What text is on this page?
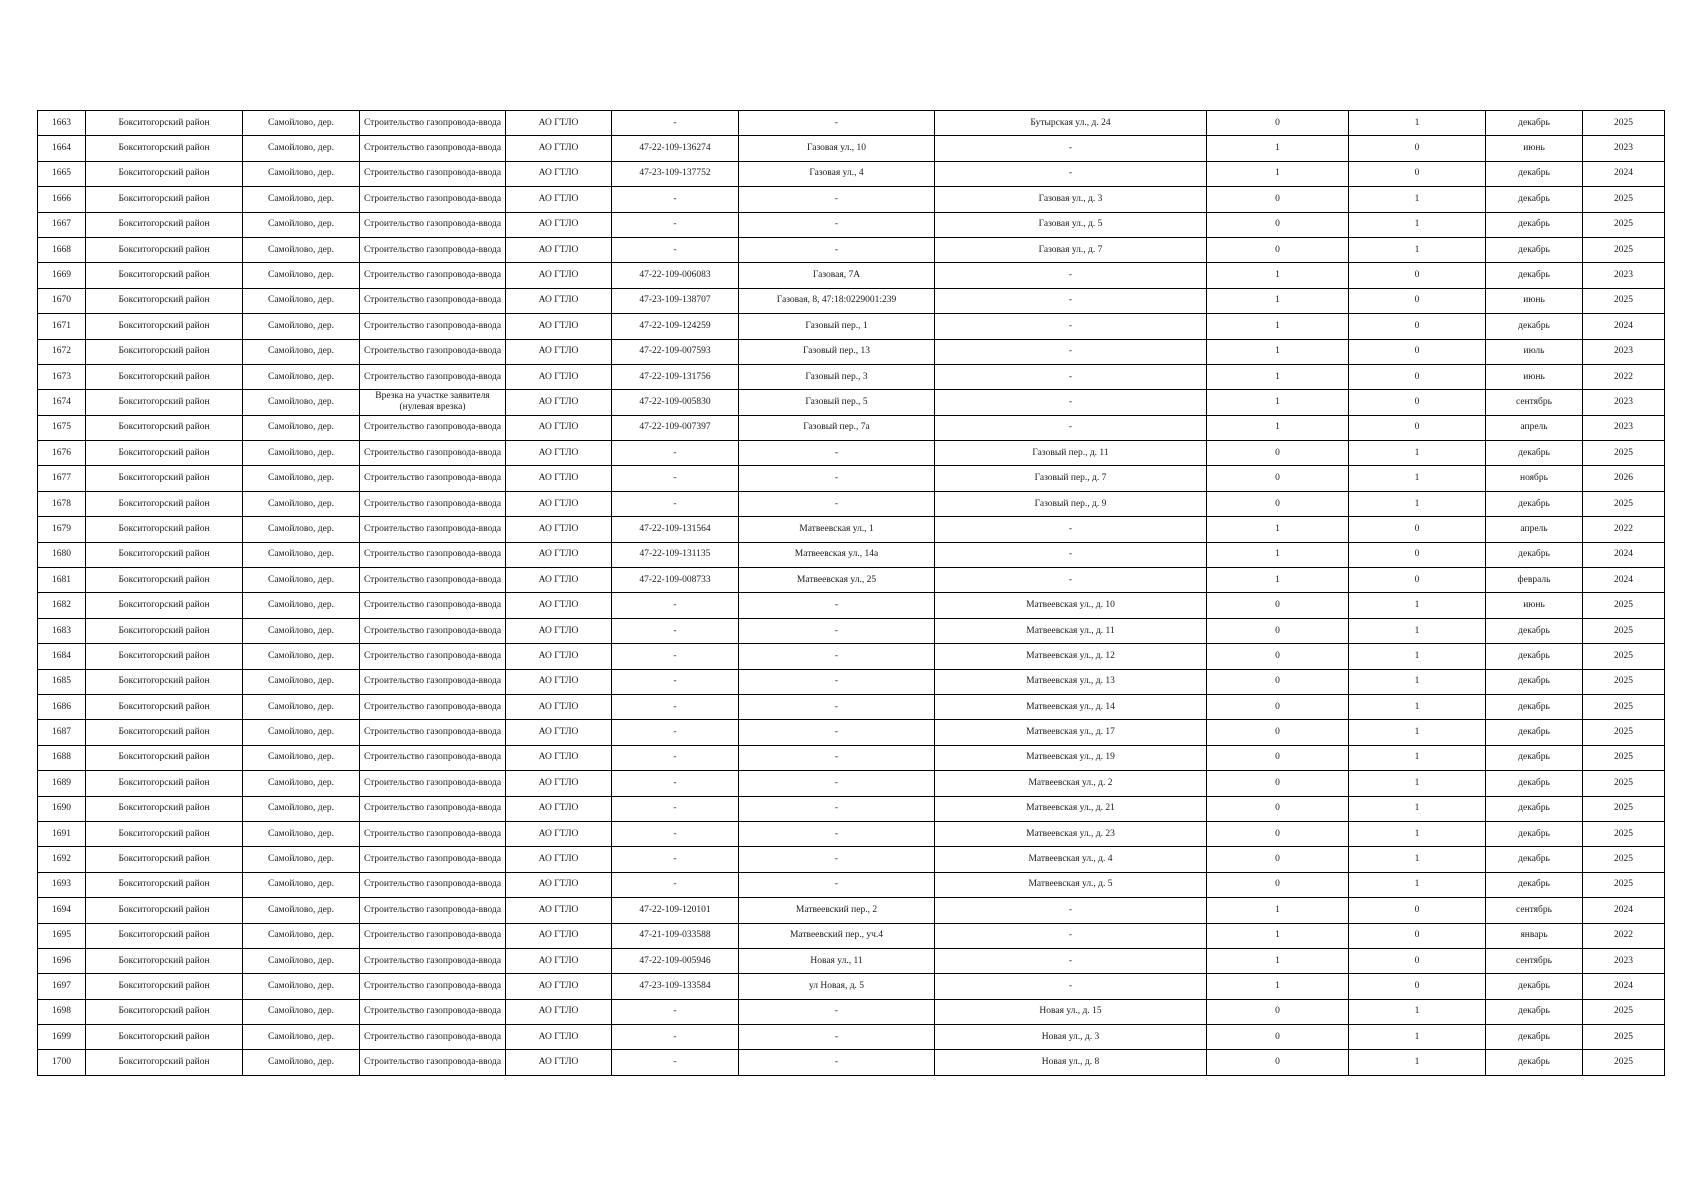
1663	Бокситогорский район	Самойлово, дер.	Строительство газопровода-ввода	АО ГТЛО	-	-	Бутырская ул., д. 24	0	1	декабрь	2025
1664	Бокситогорский район	Самойлово, дер.	Строительство газопровода-ввода	АО ГТЛО	47-22-109-136274	Газовая ул., 10	-	1	0	июнь	2023
1665	Бокситогорский район	Самойлово, дер.	Строительство газопровода-ввода	АО ГТЛО	47-23-109-137752	Газовая ул., 4	-	1	0	декабрь	2024
1666	Бокситогорский район	Самойлово, дер.	Строительство газопровода-ввода	АО ГТЛО	-	-	Газовая ул., д. 3	0	1	декабрь	2025
1667	Бокситогорский район	Самойлово, дер.	Строительство газопровода-ввода	АО ГТЛО	-	-	Газовая ул., д. 5	0	1	декабрь	2025
1668	Бокситогорский район	Самойлово, дер.	Строительство газопровода-ввода	АО ГТЛО	-	-	Газовая ул., д. 7	0	1	декабрь	2025
1669	Бокситогорский район	Самойлово, дер.	Строительство газопровода-ввода	АО ГТЛО	47-22-109-006083	Газовая, 7А	-	1	0	декабрь	2023
1670	Бокситогорский район	Самойлово, дер.	Строительство газопровода-ввода	АО ГТЛО	47-23-109-138707	Газовая, 8, 47:18:0229001:239	-	1	0	июнь	2025
1671	Бокситогорский район	Самойлово, дер.	Строительство газопровода-ввода	АО ГТЛО	47-22-109-124259	Газовый пер., 1	-	1	0	декабрь	2024
1672	Бокситогорский район	Самойлово, дер.	Строительство газопровода-ввода	АО ГТЛО	47-22-109-007593	Газовый пер., 13	-	1	0	июль	2023
1673	Бокситогорский район	Самойлово, дер.	Строительство газопровода-ввода	АО ГТЛО	47-22-109-131756	Газовый пер., 3	-	1	0	июнь	2022
1674	Бокситогорский район	Самойлово, дер.	Врезка на участке заявителя (нулевая врезка)	АО ГТЛО	47-22-109-005830	Газовый пер., 5	-	1	0	сентябрь	2023
1675	Бокситогорский район	Самойлово, дер.	Строительство газопровода-ввода	АО ГТЛО	47-22-109-007397	Газовый пер., 7а	-	1	0	апрель	2023
1676	Бокситогорский район	Самойлово, дер.	Строительство газопровода-ввода	АО ГТЛО	-	-	Газовый пер., д. 11	0	1	декабрь	2025
1677	Бокситогорский район	Самойлово, дер.	Строительство газопровода-ввода	АО ГТЛО	-	-	Газовый пер., д. 7	0	1	ноябрь	2026
1678	Бокситогорский район	Самойлово, дер.	Строительство газопровода-ввода	АО ГТЛО	-	-	Газовый пер., д. 9	0	1	декабрь	2025
1679	Бокситогорский район	Самойлово, дер.	Строительство газопровода-ввода	АО ГТЛО	47-22-109-131564	Матвеевская ул., 1	-	1	0	апрель	2022
1680	Бокситогорский район	Самойлово, дер.	Строительство газопровода-ввода	АО ГТЛО	47-22-109-131135	Матвеевская ул., 14а	-	1	0	декабрь	2024
1681	Бокситогорский район	Самойлово, дер.	Строительство газопровода-ввода	АО ГТЛО	47-22-109-008733	Матвеевская ул., 25	-	1	0	февраль	2024
1682	Бокситогорский район	Самойлово, дер.	Строительство газопровода-ввода	АО ГТЛО	-	-	Матвеевская ул., д. 10	0	1	июнь	2025
1683	Бокситогорский район	Самойлово, дер.	Строительство газопровода-ввода	АО ГТЛО	-	-	Матвеевская ул., д. 11	0	1	декабрь	2025
1684	Бокситогорский район	Самойлово, дер.	Строительство газопровода-ввода	АО ГТЛО	-	-	Матвеевская ул., д. 12	0	1	декабрь	2025
1685	Бокситогорский район	Самойлово, дер.	Строительство газопровода-ввода	АО ГТЛО	-	-	Матвеевская ул., д. 13	0	1	декабрь	2025
1686	Бокситогорский район	Самойлово, дер.	Строительство газопровода-ввода	АО ГТЛО	-	-	Матвеевская ул., д. 14	0	1	декабрь	2025
1687	Бокситогорский район	Самойлово, дер.	Строительство газопровода-ввода	АО ГТЛО	-	-	Матвеевская ул., д. 17	0	1	декабрь	2025
1688	Бокситогорский район	Самойлово, дер.	Строительство газопровода-ввода	АО ГТЛО	-	-	Матвеевская ул., д. 19	0	1	декабрь	2025
1689	Бокситогорский район	Самойлово, дер.	Строительство газопровода-ввода	АО ГТЛО	-	-	Матвеевская ул., д. 2	0	1	декабрь	2025
1690	Бокситогорский район	Самойлово, дер.	Строительство газопровода-ввода	АО ГТЛО	-	-	Матвеевская ул., д. 21	0	1	декабрь	2025
1691	Бокситогорский район	Самойлово, дер.	Строительство газопровода-ввода	АО ГТЛО	-	-	Матвеевская ул., д. 23	0	1	декабрь	2025
1692	Бокситогорский район	Самойлово, дер.	Строительство газопровода-ввода	АО ГТЛО	-	-	Матвеевская ул., д. 4	0	1	декабрь	2025
1693	Бокситогорский район	Самойлово, дер.	Строительство газопровода-ввода	АО ГТЛО	-	-	Матвеевская ул., д. 5	0	1	декабрь	2025
1694	Бокситогорский район	Самойлово, дер.	Строительство газопровода-ввода	АО ГТЛО	47-22-109-120101	Матвеевский пер., 2	-	1	0	сентябрь	2024
1695	Бокситогорский район	Самойлово, дер.	Строительство газопровода-ввода	АО ГТЛО	47-21-109-033588	Матвеевский пер., уч.4	-	1	0	январь	2022
1696	Бокситогорский район	Самойлово, дер.	Строительство газопровода-ввода	АО ГТЛО	47-22-109-005946	Новая ул., 11	-	1	0	сентябрь	2023
1697	Бокситогорский район	Самойлово, дер.	Строительство газопровода-ввода	АО ГТЛО	47-23-109-133584	ул Новая, д. 5	-	1	0	декабрь	2024
1698	Бокситогорский район	Самойлово, дер.	Строительство газопровода-ввода	АО ГТЛО	-	-	Новая ул., д. 15	0	1	декабрь	2025
1699	Бокситогорский район	Самойлово, дер.	Строительство газопровода-ввода	АО ГТЛО	-	-	Новая ул., д. 3	0	1	декабрь	2025
1700	Бокситогорский район	Самойлово, дер.	Строительство газопровода-ввода	АО ГТЛО	-	-	Новая ул., д. 8	0	1	декабрь	2025
